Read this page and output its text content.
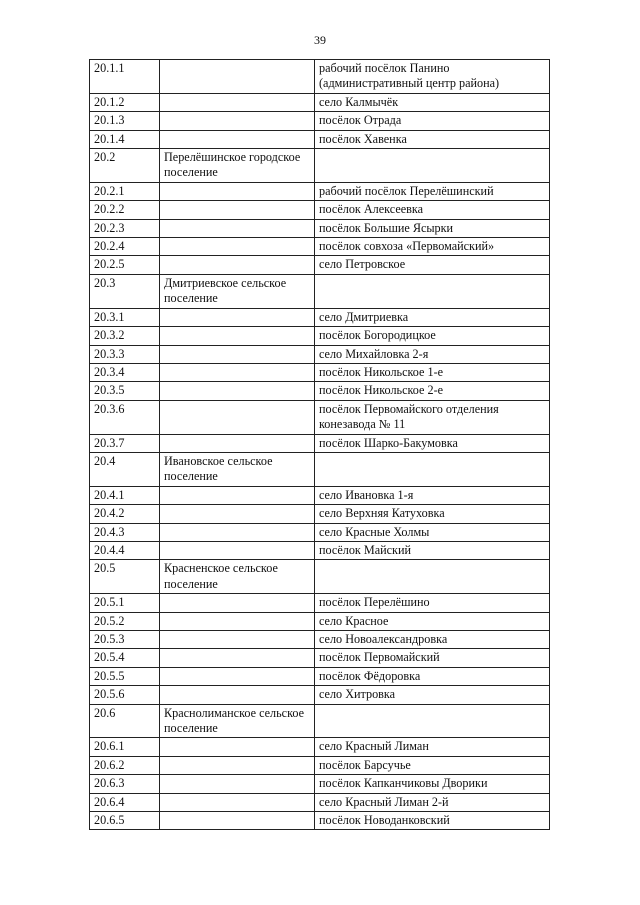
39
20.1.1		рабочий посёлок Панино (административный центр района)
20.1.2		село Калмычёк
20.1.3		посёлок Отрада
20.1.4		посёлок Хавенка
20.2	Перелёшинское городское поселение	
20.2.1		рабочий посёлок Перелёшинский
20.2.2		посёлок Алексеевка
20.2.3		посёлок Большие Ясырки
20.2.4		посёлок совхоза «Первомайский»
20.2.5		село Петровское
20.3	Дмитриевское сельское поселение	
20.3.1		село Дмитриевка
20.3.2		посёлок Богородицкое
20.3.3		село Михайловка 2-я
20.3.4		посёлок Никольское 1-е
20.3.5		посёлок Никольское 2-е
20.3.6		посёлок Первомайского отделения конезавода № 11
20.3.7		посёлок Шарко-Бакумовка
20.4	Ивановское сельское поселение	
20.4.1		село Ивановка 1-я
20.4.2		село Верхняя Катуховка
20.4.3		село Красные Холмы
20.4.4		посёлок Майский
20.5	Красненское сельское поселение	
20.5.1		посёлок Перелёшино
20.5.2		село Красное
20.5.3		село Новоалександровка
20.5.4		посёлок Первомайский
20.5.5		посёлок Фёдоровка
20.5.6		село Хитровка
20.6	Краснолиманское сельское поселение	
20.6.1		село Красный Лиман
20.6.2		посёлок Барсучье
20.6.3		посёлок Капканчиковы Дворики
20.6.4		село Красный Лиман 2-й
20.6.5		посёлок Новоданковский
